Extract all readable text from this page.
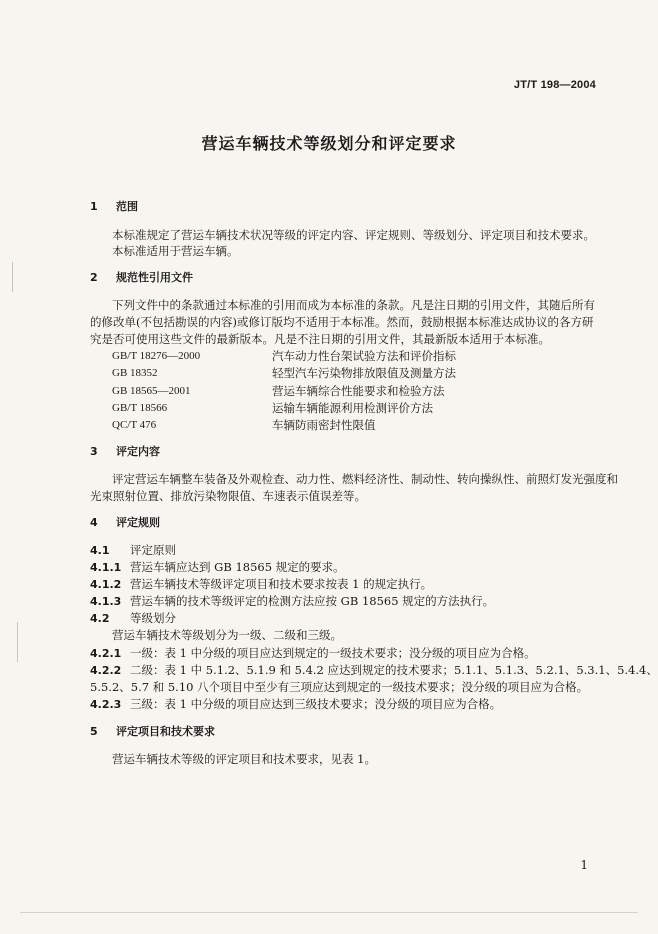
JT/T 198—2004
营运车辆技术等级划分和评定要求
1 范围
本标准规定了营运车辆技术状况等级的评定内容、评定规则、等级划分、评定项目和技术要求。
本标准适用于营运车辆。
2 规范性引用文件
下列文件中的条款通过本标准的引用而成为本标准的条款。凡是注日期的引用文件，其随后所有
的修改单(不包括勘误的内容)或修订版均不适用于本标准。然而，鼓励根据本标准达成协议的各方研
究是否可使用这些文件的最新版本。凡是不注日期的引用文件，其最新版本适用于本标准。
GB/T 18276—2000	汽车动力性台架试验方法和评价指标
GB 18352	轻型汽车污染物排放限值及测量方法
GB 18565—2001	营运车辆综合性能要求和检验方法
GB/T 18566	运输车辆能源利用检测评价方法
QC/T 476	车辆防雨密封性限值
3 评定内容
评定营运车辆整车装备及外观检查、动力性、燃料经济性、制动性、转向操纵性、前照灯发光强度和
光束照射位置、排放污染物限值、车速表示值误差等。
4 评定规则
4.1 评定原则
4.1.1 营运车辆应达到 GB 18565 规定的要求。
4.1.2 营运车辆技术等级评定项目和技术要求按表 1 的规定执行。
4.1.3 营运车辆的技术等级评定的检测方法应按 GB 18565 规定的方法执行。
4.2 等级划分
营运车辆技术等级划分为一级、二级和三级。
4.2.1 一级：表 1 中分级的项目应达到规定的一级技术要求；没分级的项目应为合格。
4.2.2 二级：表 1 中 5.1.2、5.1.9 和 5.4.2 应达到规定的技术要求；5.1.1、5.1.3、5.2.1、5.3.1、5.4.4、
5.5.2、5.7 和 5.10 八个项目中至少有三项应达到规定的一级技术要求；没分级的项目应为合格。
4.2.3 三级：表 1 中分级的项目应达到三级技术要求；没分级的项目应为合格。
5 评定项目和技术要求
营运车辆技术等级的评定项目和技术要求，见表 1。
1
